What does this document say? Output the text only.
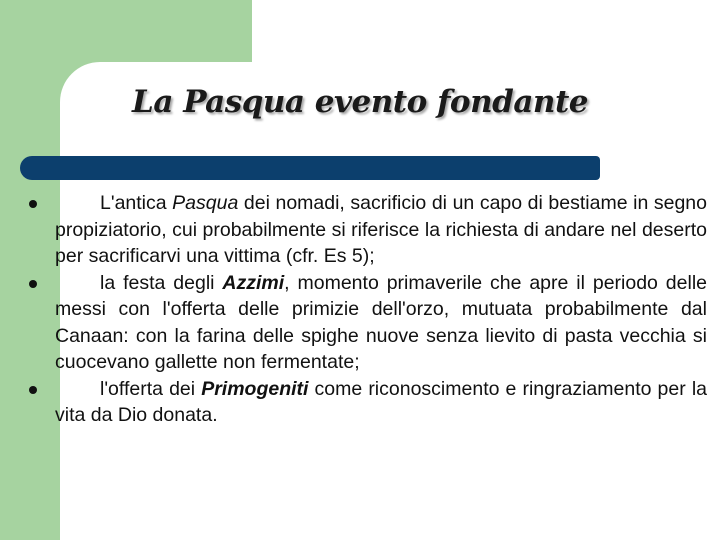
La Pasqua evento fondante
L'antica Pasqua dei nomadi, sacrificio di un capo di bestiame in segno propiziatorio, cui probabilmente si riferisce la richiesta di andare nel deserto per sacrificarvi una vittima (cfr. Es 5);
la festa degli Azzimi, momento primaverile che apre il periodo delle messi con l'offerta delle primizie dell'orzo, mutuata probabilmente dal Canaan: con la farina delle spighe nuove senza lievito di pasta vecchia si cuocevano gallette non fermentate;
l'offerta dei Primogeniti come riconoscimento e ringraziamento per la vita da Dio donata.
